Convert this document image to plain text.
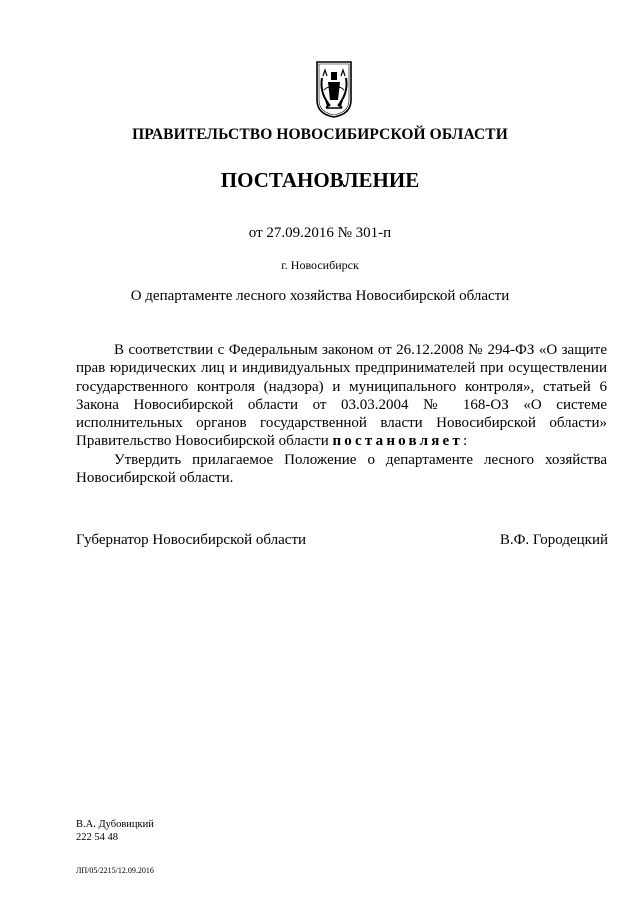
ПРАВИТЕЛЬСТВО НОВОСИБИРСКОЙ ОБЛАСТИ
ПОСТАНОВЛЕНИЕ
от 27.09.2016 № 301-п
г. Новосибирск
О департаменте лесного хозяйства Новосибирской области

В соответствии с Федеральным законом от 26.12.2008 № 294-ФЗ «О защите прав юридических лиц и индивидуальных предпринимателей при осуществлении государственного контроля (надзора) и муниципального контроля», статьей 6 Закона Новосибирской области от 03.03.2004 № 168-ОЗ «О системе исполнительных органов государственной власти Новосибирской области» Правительство Новосибирской области постановляет:

Утвердить прилагаемое Положение о департаменте лесного хозяйства Новосибирской области.

Губернатор Новосибирской области	В.Ф. Городецкий
В.А. Дубовицкий
222 54 48
ЛП/05/2215/12.09.2016
